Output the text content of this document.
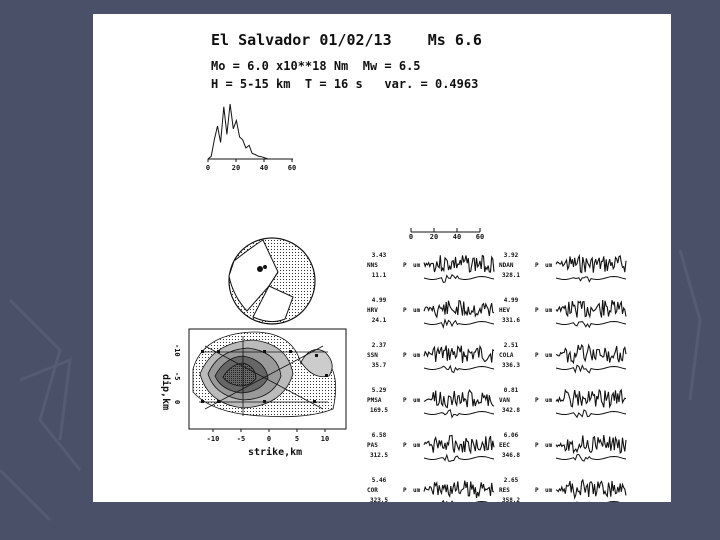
El Salvador 01/02/13    Ms 6.6
Mo = 6.0 x10**18 Nm  Mw = 6.5
H = 5-15 km  T = 16 s   var. = 0.4963
0	20	40	60
0 20 40 60
strike,km
-10 -5	0	5	10
dip,km
-10
-5
0
3.43
NNS	P
11.1
um
3.92
NDAN	P
328.1
um
4.99
HRV	P
24.1
um
4.99
HEV	P
331.6
um
2.37
SSN	P
35.7
um
2.51
COLA	P
336.3
um
5.29
PMSA	P
169.5
um
0.81
VAN	P
342.8
um
6.58
PAS	P
312.5
um
6.06
EEC	P
346.8
um
5.46
COR	P
323.5
um
2.65
RES	P
358.2
um
